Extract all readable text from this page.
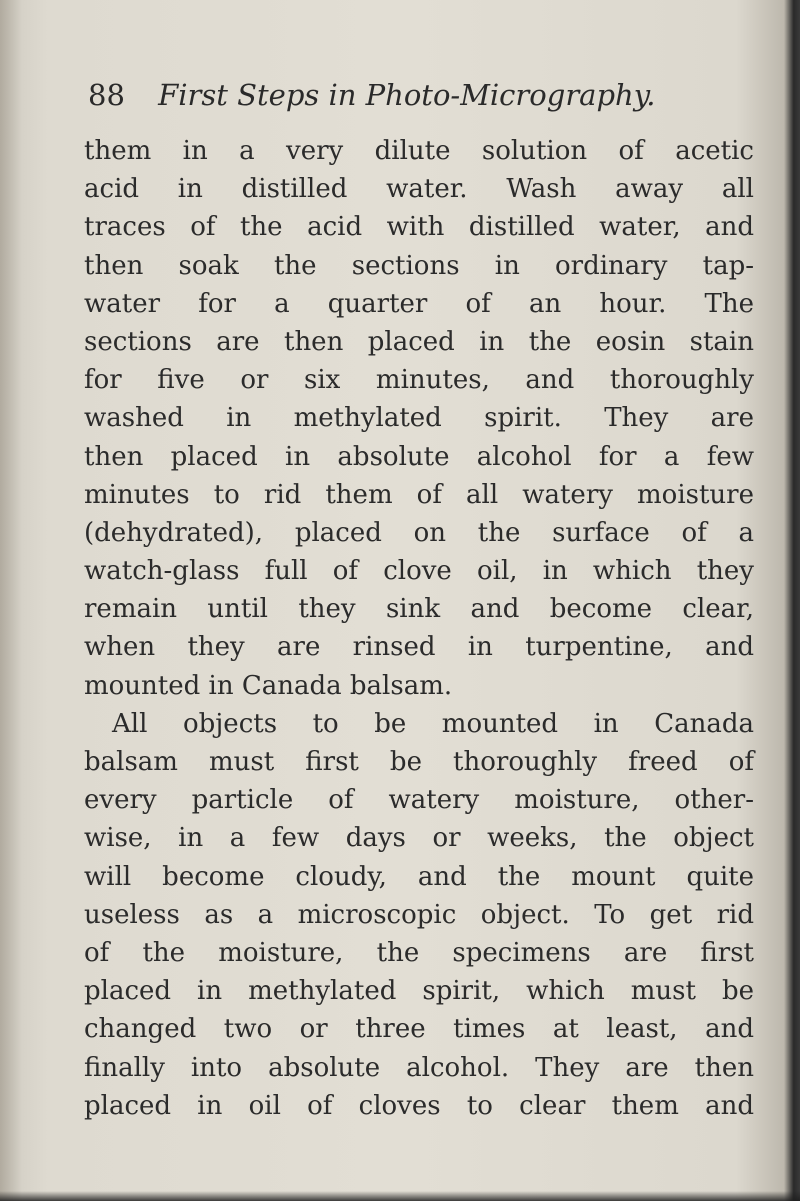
88 First Steps in Photo-Micrography.
them in a very dilute solution of acetic
acid in distilled water. Wash away all
traces of the acid with distilled water, and
then soak the sections in ordinary tap-
water for a quarter of an hour. The
sections are then placed in the eosin stain
for five or six minutes, and thoroughly
washed in methylated spirit. They are
then placed in absolute alcohol for a few
minutes to rid them of all watery moisture
(dehydrated), placed on the surface of a
watch-glass full of clove oil, in which they
remain until they sink and become clear,
when they are rinsed in turpentine, and
mounted in Canada balsam.
All objects to be mounted in Canada
balsam must first be thoroughly freed of
every particle of watery moisture, other-
wise, in a few days or weeks, the object
will become cloudy, and the mount quite
useless as a microscopic object. To get rid
of the moisture, the specimens are first
placed in methylated spirit, which must be
changed two or three times at least, and
finally into absolute alcohol. They are then
placed in oil of cloves to clear them and
